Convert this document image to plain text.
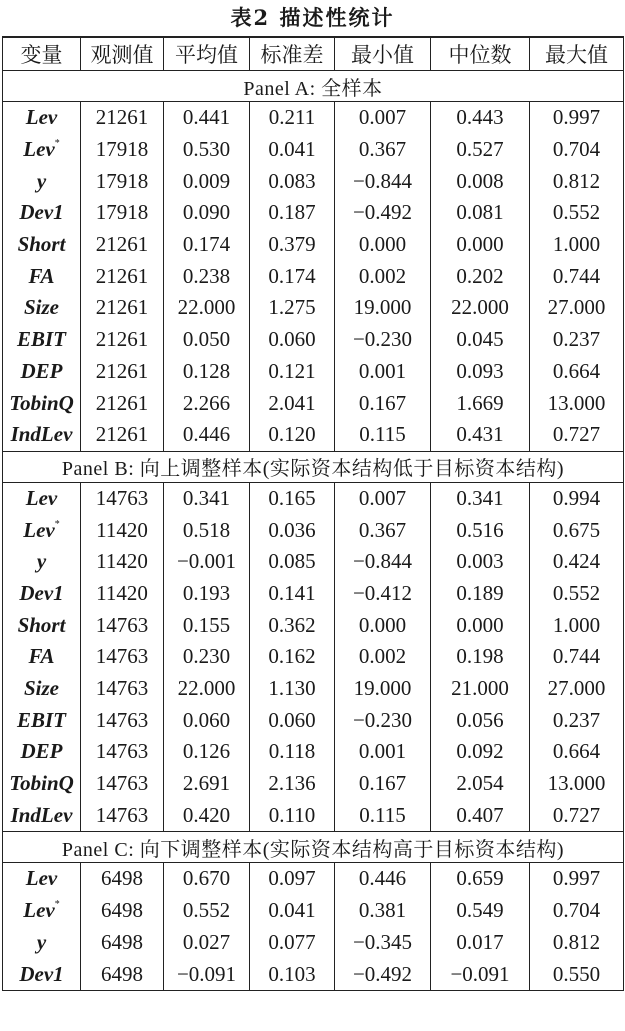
表2 描述性统计
变量	观测值	平均值	标准差	最小值	中位数	最大值
Panel A: 全样本						
Lev	21261	0.441	0.211	0.007	0.443	0.997
Lev*	17918	0.530	0.041	0.367	0.527	0.704
y	17918	0.009	0.083	−0.844	0.008	0.812
Dev1	17918	0.090	0.187	−0.492	0.081	0.552
Short	21261	0.174	0.379	0.000	0.000	1.000
FA	21261	0.238	0.174	0.002	0.202	0.744
Size	21261	22.000	1.275	19.000	22.000	27.000
EBIT	21261	0.050	0.060	−0.230	0.045	0.237
DEP	21261	0.128	0.121	0.001	0.093	0.664
TobinQ	21261	2.266	2.041	0.167	1.669	13.000
IndLev	21261	0.446	0.120	0.115	0.431	0.727
Panel B: 向上调整样本(实际资本结构低于目标资本结构)						
Lev	14763	0.341	0.165	0.007	0.341	0.994
Lev*	11420	0.518	0.036	0.367	0.516	0.675
y	11420	−0.001	0.085	−0.844	0.003	0.424
Dev1	11420	0.193	0.141	−0.412	0.189	0.552
Short	14763	0.155	0.362	0.000	0.000	1.000
FA	14763	0.230	0.162	0.002	0.198	0.744
Size	14763	22.000	1.130	19.000	21.000	27.000
EBIT	14763	0.060	0.060	−0.230	0.056	0.237
DEP	14763	0.126	0.118	0.001	0.092	0.664
TobinQ	14763	2.691	2.136	0.167	2.054	13.000
IndLev	14763	0.420	0.110	0.115	0.407	0.727
Panel C: 向下调整样本(实际资本结构高于目标资本结构)						
Lev	6498	0.670	0.097	0.446	0.659	0.997
Lev*	6498	0.552	0.041	0.381	0.549	0.704
y	6498	0.027	0.077	−0.345	0.017	0.812
Dev1	6498	−0.091	0.103	−0.492	−0.091	0.550
